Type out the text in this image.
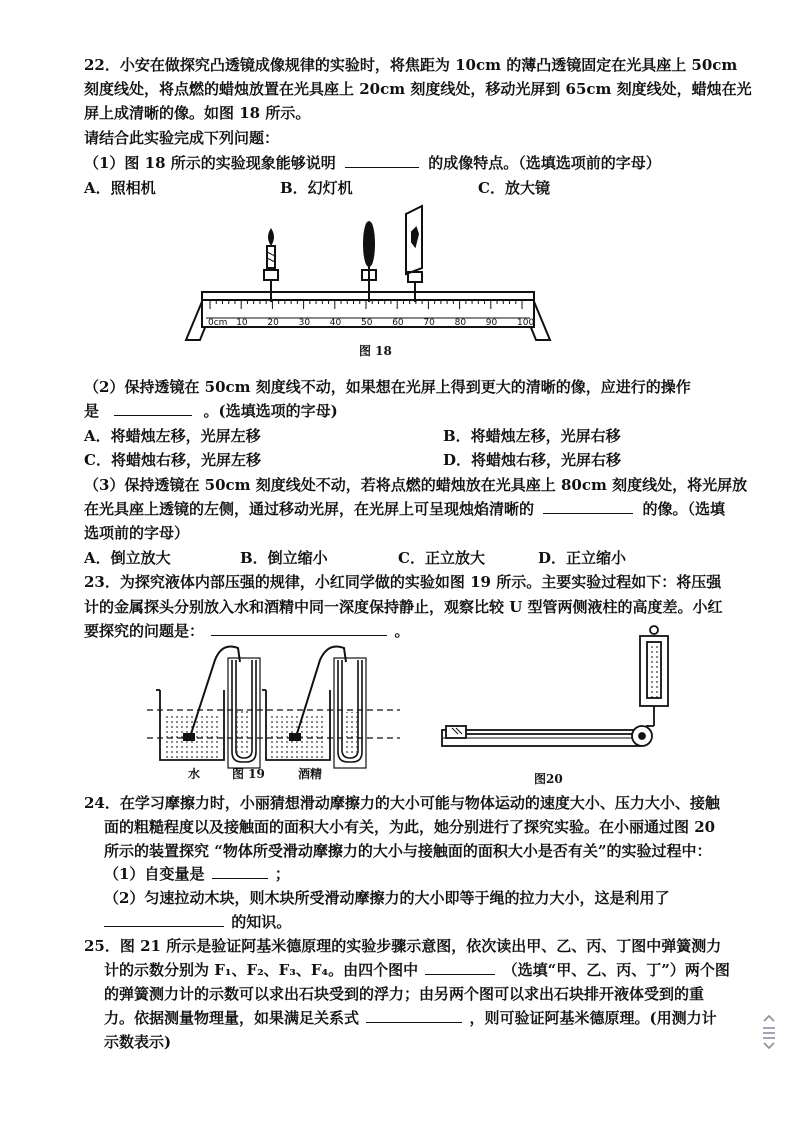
22．小安在做探究凸透镜成像规律的实验时，将焦距为 10cm 的薄凸透镜固定在光具座上 50cm
刻度线处，将点燃的蜡烛放置在光具座上 20cm 刻度线处，移动光屏到 65cm 刻度线处，蜡烛在光
屏上成清晰的像。如图 18 所示。
请结合此实验完成下列问题：
（1）图 18 所示的实验现象能够说明	的成像特点。（选填选项前的字母）
A．照相机	B．幻灯机	C．放大镜
0cm 10 20 30 40 50 60 70 80 90 100
图 18
（2）保持透镜在 50cm 刻度线不动，如果想在光屏上得到更大的清晰的像，应进行的操作
是	。(选填选项的字母)
A．将蜡烛左移，光屏左移	B．将蜡烛左移，光屏右移
C．将蜡烛右移，光屏左移	D．将蜡烛右移，光屏右移
（3）保持透镜在 50cm 刻度线处不动，若将点燃的蜡烛放在光具座上 80cm 刻度线处，将光屏放
在光具座上透镜的左侧，通过移动光屏，在光屏上可呈现烛焰清晰的	的像。（选填
选项前的字母）
A．倒立放大	B．倒立缩小	C．正立放大	D．正立缩小
23．为探究液体内部压强的规律，小红同学做的实验如图 19 所示。主要实验过程如下：将压强
计的金属探头分别放入水和酒精中同一深度保持静止，观察比较 U 型管两侧液柱的高度差。小红
要探究的问题是：	。
水	图 19	酒精	图20
24．在学习摩擦力时，小丽猜想滑动摩擦力的大小可能与物体运动的速度大小、压力大小、接触
面的粗糙程度以及接触面的面积大小有关，为此，她分别进行了探究实验。在小丽通过图 20
所示的装置探究 “物体所受滑动摩擦力的大小与接触面的面积大小是否有关”的实验过程中：
（1）自变量是	；
（2）匀速拉动木块，则木块所受滑动摩擦力的大小即等于绳的拉力大小，这是利用了
的知识。
25．图 21 所示是验证阿基米德原理的实验步骤示意图，依次读出甲、乙、丙、丁图中弹簧测力
计的示数分别为 F₁、F₂、F₃、F₄。由四个图中	（选填“甲、乙、丙、丁”）两个图
的弹簧测力计的示数可以求出石块受到的浮力；由另两个图可以求出石块排开液体受到的重
力。依据测量物理量，如果满足关系式	，则可验证阿基米德原理。(用测力计
示数表示)
